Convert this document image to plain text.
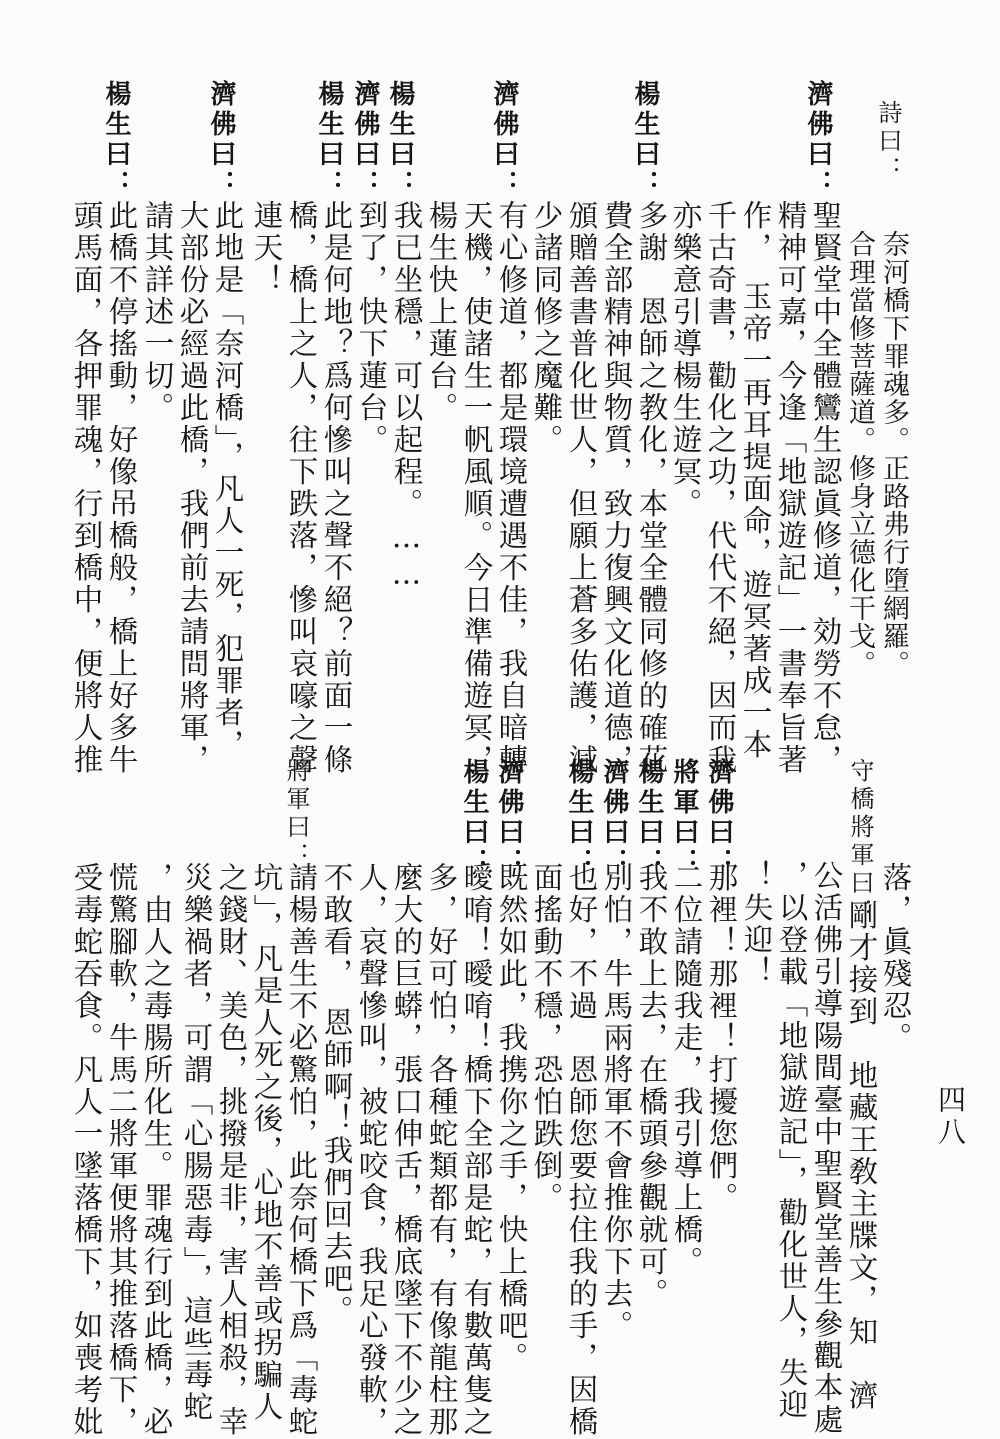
詩曰：
濟佛曰：
楊生曰：
濟佛曰：
楊生曰：
濟佛曰：
楊生曰：
濟佛曰：
楊生曰：
奈河橋下罪魂多。正路弗行墮網羅。
合理當修菩薩道。修身立德化干戈。
聖賢堂中全體鸞生認眞修道，効勞不怠，
精神可嘉，今逢「地獄遊記」一書奉旨著
作，　玉帝一再耳提面命，遊冥著成一本
千古奇書，勸化之功，代代不絕，因而我
亦樂意引導楊生遊冥。
多謝　恩師之教化，本堂全體同修的確花
費全部精神與物質，致力復興文化道德，
頒贈善書普化世人，但願上蒼多佑護，減
少諸同修之魔難。
有心修道，都是環境遭遇不佳，我自暗轉
天機，使諸生一帆風順。今日準備遊冥，
楊生快上蓮台。
我已坐穩，可以起程。……
到了，快下蓮台。
此是何地？爲何慘叫之聲不絕？前面一條
橋，橋上之人，往下跌落，慘叫哀嚎之聲
連天！
此地是「奈河橋」，凡人一死，犯罪者，
大部份必經過此橋，我們前去請問將軍，
請其詳述一切。
此橋不停搖動，好像吊橋般，橋上好多牛
頭馬面，各押罪魂，行到橋中，便將人推
守橋將軍曰：
濟佛曰：
將軍曰：
楊生曰：
濟佛曰：
楊生曰：
濟佛曰：
楊生曰：
將軍曰：
落，眞殘忍。
剛才接到　地藏王敎主牒文，知　濟
公活佛引導陽間臺中聖賢堂善生參觀本處
，以登載「地獄遊記」，勸化世人，失迎
！失迎！
那裡！那裡！打擾您們。
二位請隨我走，我引導上橋。
我不敢上去，在橋頭參觀就可。
別怕，牛馬兩將軍不會推你下去。
也好，不過　恩師您要拉住我的手，因橋
面搖動不穩，恐怕跌倒。
既然如此，我携你之手，快上橋吧。
曖唷！曖唷！橋下全部是蛇，有數萬隻之
多，好可怕，各種蛇類都有，有像龍柱那
麼大的巨蟒，張口伸舌，橋底墜下不少之
人，哀聲慘叫，被蛇咬食，我足心發軟，
不敢看，　恩師啊！我們回去吧。
請楊善生不必驚怕，此奈何橋下爲「毒蛇
坑」，凡是人死之後，心地不善或拐騙人
之錢財、美色，挑撥是非，害人相殺，幸
災樂禍者，可謂「心腸惡毒」，這些毒蛇
，由人之毒腸所化生。罪魂行到此橋，必
慌驚腳軟，牛馬二將軍便將其推落橋下，
受毒蛇吞食。凡人一墜落橋下，如喪考妣	四八
